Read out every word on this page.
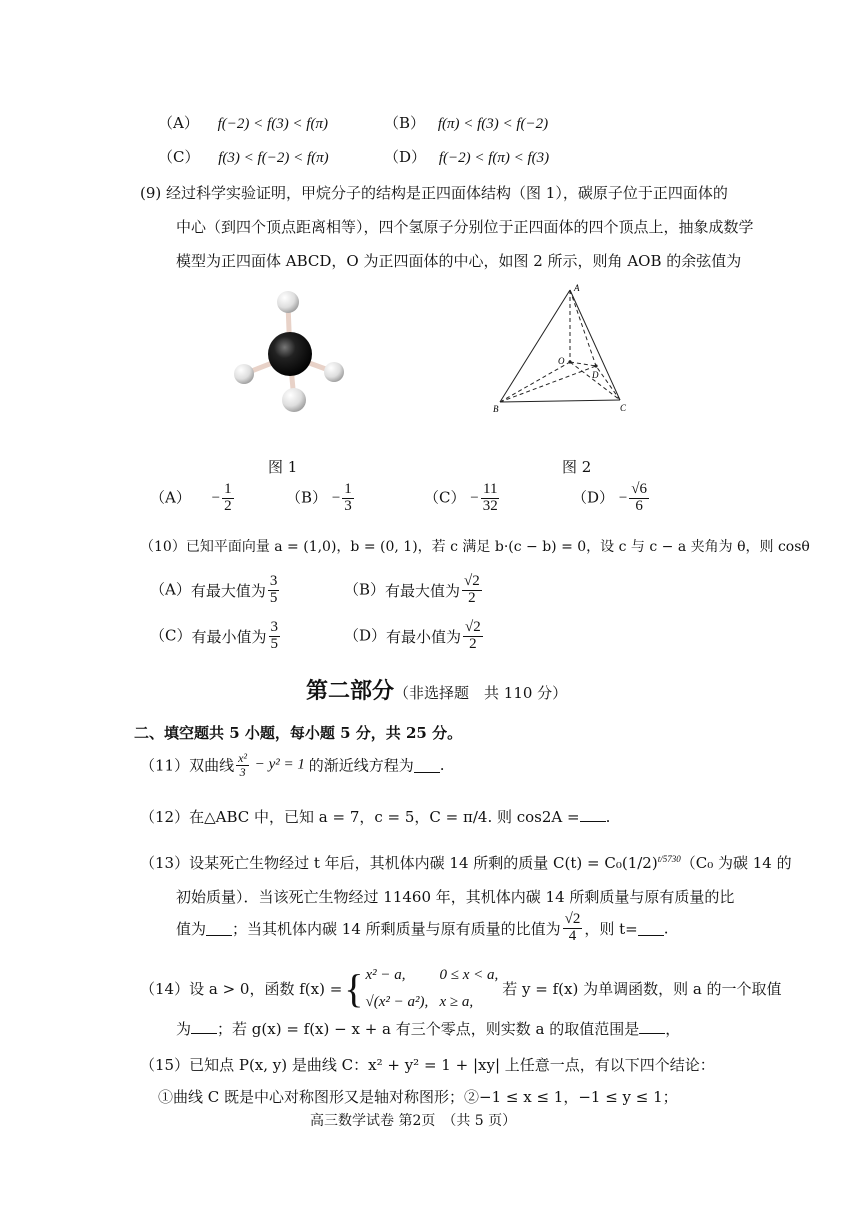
（A） f(−2) < f(3) < f(π)	（B） f(π) < f(3) < f(−2)
（C） f(3) < f(−2) < f(π)	（D） f(−2) < f(π) < f(3)
(9) 经过科学实验证明，甲烷分子的结构是正四面体结构（图 1），碳原子位于正四面体的
中心（到四个顶点距离相等），四个氢原子分别位于正四面体的四个顶点上，抽象成数学
模型为正四面体 ABCD，O 为正四面体的中心，如图 2 所示，则角 AOB 的余弦值为
A
B	C
D
O
图 1	图 2
$(A) - \frac{1}{2}$	$(B) - \frac{1}{3}$	$(C) - \frac{11}{32}$	$(D) - \frac{√6}{6}$
（10）已知平面向量 a = (1,0)，b = (0, 1)，若 c 满足 b·(c − b) = 0，设 c 与 c − a 夹角为 θ，则 cosθ
（A）有最大值为 $\frac{3}{5}$	（B）有最大值为 $\frac{√2}{2}$
（C）有最小值为 $\frac{3}{5}$	（D）有最小值为 $\frac{√2}{2}$
第二部分（非选择题　共 110 分）
二、填空题共 5 小题，每小题 5 分，共 25 分。
（11）双曲线 $\frac{\text{x²}}{3} - y^2 = 1$ 的渐近线方程为 .
（12）在△ABC 中，已知 a = 7，c = 5，C = π/4. 则 cos2A = .
（13）设某死亡生物经过 t 年后，其机体内碳 14 所剩的质量 $C(t) = C_0(1/2)^{t/5730}(C_0$ 为碳 14 的
初始质量）．当该死亡生物经过 11460 年，其机体内碳 14 所剩质量与原有质量的比
值为 ；当其机体内碳 14 所剩质量与原有质量的比值为 $\frac{√2}{4}$ ，则 t= .
（14）设 a > 0，函数 f(x) = { x² − a, 0 ≤ x < a,
√(x² − a²), x ≥ a,
若 y = f(x) 为单调函数，则 a 的一个取值
为 ；若 g(x) = f(x) − x + a 有三个零点，则实数 a 的取值范围是 ，
（15）已知点 P(x, y) 是曲线 C：x² + y² = 1 + |xy| 上任意一点，有以下四个结论：
①曲线 C 既是中心对称图形又是轴对称图形；②−1 ≤ x ≤ 1，−1 ≤ y ≤ 1；
高三数学试卷 第2页　（共 5 页）
